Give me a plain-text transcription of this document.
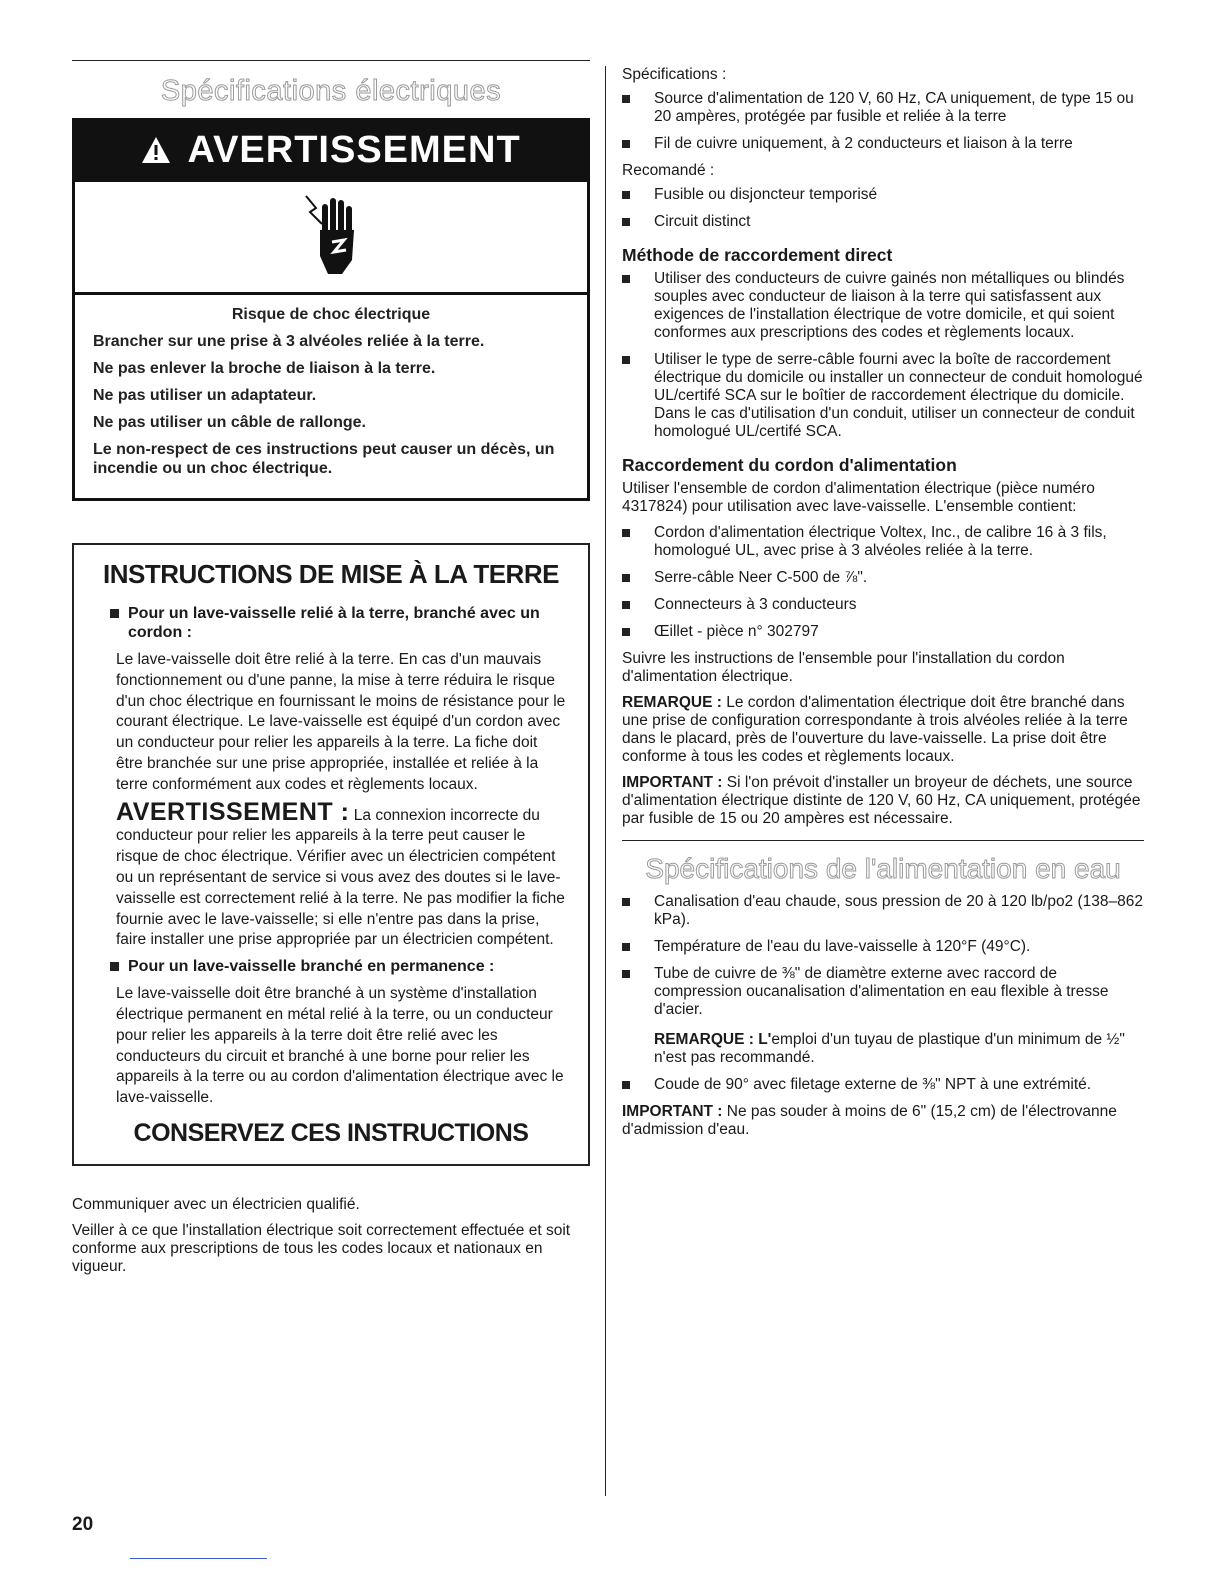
Spécifications électriques
AVERTISSEMENT

Risque de choc électrique

Brancher sur une prise à 3 alvéoles reliée à la terre.

Ne pas enlever la broche de liaison à la terre.

Ne pas utiliser un adaptateur.

Ne pas utiliser un câble de rallonge.

Le non-respect de ces instructions peut causer un décès, un incendie ou un choc électrique.

INSTRUCTIONS DE MISE À LA TERRE
Pour un lave-vaisselle relié à la terre, branché avec un cordon :
Le lave-vaisselle doit être relié à la terre. En cas d'un mauvais fonctionnement ou d'une panne, la mise à terre réduira le risque d'un choc électrique en fournissant le moins de résistance pour le courant électrique. Le lave-vaisselle est équipé d'un cordon avec un conducteur pour relier les appareils à la terre. La fiche doit être branchée sur une prise appropriée, installée et reliée à la terre conformément aux codes et règlements locaux.
AVERTISSEMENT : La connexion incorrecte du conducteur pour relier les appareils à la terre peut causer le risque de choc électrique. Vérifier avec un électricien compétent ou un représentant de service si vous avez des doutes si le lave-vaisselle est correctement relié à la terre. Ne pas modifier la fiche fournie avec le lave-vaisselle; si elle n'entre pas dans la prise, faire installer une prise appropriée par un électricien compétent.
Pour un lave-vaisselle branché en permanence :
Le lave-vaisselle doit être branché à un système d'installation électrique permanent en métal relié à la terre, ou un conducteur pour relier les appareils à la terre doit être relié avec les conducteurs du circuit et branché à une borne pour relier les appareils à la terre ou au cordon d'alimentation électrique avec le lave-vaisselle.
CONSERVEZ CES INSTRUCTIONS

Communiquer avec un électricien qualifié.

Veiller à ce que l'installation électrique soit correctement effectuée et soit conforme aux prescriptions de tous les codes locaux et nationaux en vigueur.

Spécifications :
Source d'alimentation de 120 V, 60 Hz, CA uniquement, de type 15 ou 20 ampères, protégée par fusible et reliée à la terre
Fil de cuivre uniquement, à 2 conducteurs et liaison à la terre
Recomandé :
Fusible ou disjoncteur temporisé
Circuit distinct
Méthode de raccordement direct
Utiliser des conducteurs de cuivre gainés non métalliques ou blindés souples avec conducteur de liaison à la terre qui satisfassent aux exigences de l'installation électrique de votre domicile, et qui soient conformes aux prescriptions des codes et règlements locaux.
Utiliser le type de serre-câble fourni avec la boîte de raccordement électrique du domicile ou installer un connecteur de conduit homologué UL/certifé SCA sur le boîtier de raccordement électrique du domicile. Dans le cas d'utilisation d'un conduit, utiliser un connecteur de conduit homologué UL/certifé SCA.
Raccordement du cordon d'alimentation
Utiliser l'ensemble de cordon d'alimentation électrique (pièce numéro 4317824) pour utilisation avec lave-vaisselle. L'ensemble contient:
Cordon d'alimentation électrique Voltex, Inc., de calibre 16 à 3 fils, homologué UL, avec prise à 3 alvéoles reliée à la terre.
Serre-câble Neer C-500 de ⅞".
Connecteurs à 3 conducteurs
Œillet - pièce n° 302797
Suivre les instructions de l'ensemble pour l'installation du cordon d'alimentation électrique.
REMARQUE : Le cordon d'alimentation électrique doit être branché dans une prise de configuration correspondante à trois alvéoles reliée à la terre dans le placard, près de l'ouverture du lave-vaisselle. La prise doit être conforme à tous les codes et règlements locaux.
IMPORTANT : Si l'on prévoit d'installer un broyeur de déchets, une source d'alimentation électrique distinte de 120 V, 60 Hz, CA uniquement, protégée par fusible de 15 ou 20 ampères est nécessaire.
Spécifications de l'alimentation en eau
Canalisation d'eau chaude, sous pression de 20 à 120 lb/po2 (138–862 kPa).
Température de l'eau du lave-vaisselle à 120°F (49°C).
Tube de cuivre de ⅜" de diamètre externe avec raccord de compression oucanalisation d'alimentation en eau flexible à tresse d'acier.
REMARQUE : L'emploi d'un tuyau de plastique d'un minimum de ½" n'est pas recommandé.
Coude de 90° avec filetage externe de ⅜" NPT à une extrémité.
IMPORTANT : Ne pas souder à moins de 6" (15,2 cm) de l'électrovanne d'admission d'eau.
20
